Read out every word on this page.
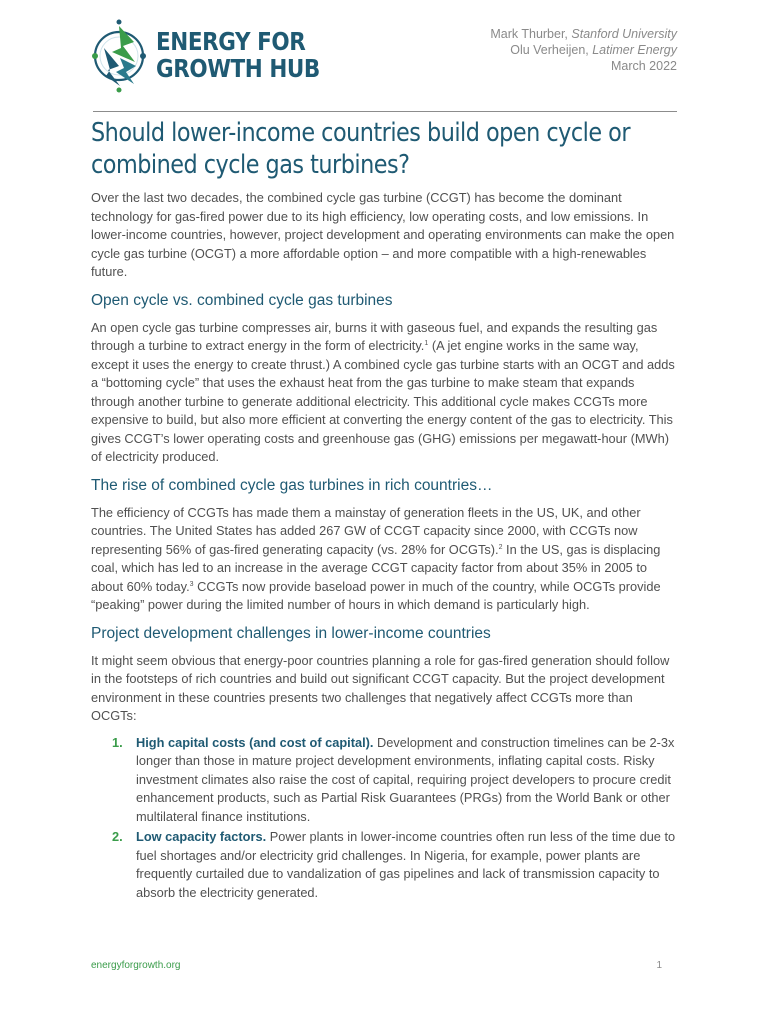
ENERGY FOR
GROWTH HUB
Mark Thurber, Stanford University
Olu Verheijen, Latimer Energy
March 2022
Should lower-income countries build open cycle or combined cycle gas turbines?

Over the last two decades, the combined cycle gas turbine (CCGT) has become the dominant technology for gas-fired power due to its high efficiency, low operating costs, and low emissions. In lower-income countries, however, project development and operating environments can make the open cycle gas turbine (OCGT) a more affordable option – and more compatible with a high-renewables future.

Open cycle vs. combined cycle gas turbines

An open cycle gas turbine compresses air, burns it with gaseous fuel, and expands the resulting gas through a turbine to extract energy in the form of electricity.$^1$ (A jet engine works in the same way, except it uses the energy to create thrust.) A combined cycle gas turbine starts with an OCGT and adds a “bottoming cycle” that uses the exhaust heat from the gas turbine to make steam that expands through another turbine to generate additional electricity. This additional cycle makes CCGTs more expensive to build, but also more efficient at converting the energy content of the gas to electricity. This gives CCGT’s lower operating costs and greenhouse gas (GHG) emissions per megawatt-hour (MWh) of electricity produced.

The rise of combined cycle gas turbines in rich countries…

The efficiency of CCGTs has made them a mainstay of generation fleets in the US, UK, and other countries. The United States has added 267 GW of CCGT capacity since 2000, with CCGTs now representing 56% of gas-fired generating capacity (vs. 28% for OCGTs).$^2$ In the US, gas is displacing coal, which has led to an increase in the average CCGT capacity factor from about 35% in 2005 to about 60% today.$^3$ CCGTs now provide baseload power in much of the country, while OCGTs provide “peaking” power during the limited number of hours in which demand is particularly high.

Project development challenges in lower-income countries

It might seem obvious that energy-poor countries planning a role for gas-fired generation should follow in the footsteps of rich countries and build out significant CCGT capacity. But the project development environment in these countries presents two challenges that negatively affect CCGTs more than OCGTs:

1. High capital costs (and cost of capital). Development and construction timelines can be 2-3x longer than those in mature project development environments, inflating capital costs. Risky investment climates also raise the cost of capital, requiring project developers to procure credit enhancement products, such as Partial Risk Guarantees (PRGs) from the World Bank or other multilateral finance institutions.
2. Low capacity factors. Power plants in lower-income countries often run less of the time due to fuel shortages and/or electricity grid challenges. In Nigeria, for example, power plants are frequently curtailed due to vandalization of gas pipelines and lack of transmission capacity to absorb the electricity generated.
energyforgrowth.org	1
